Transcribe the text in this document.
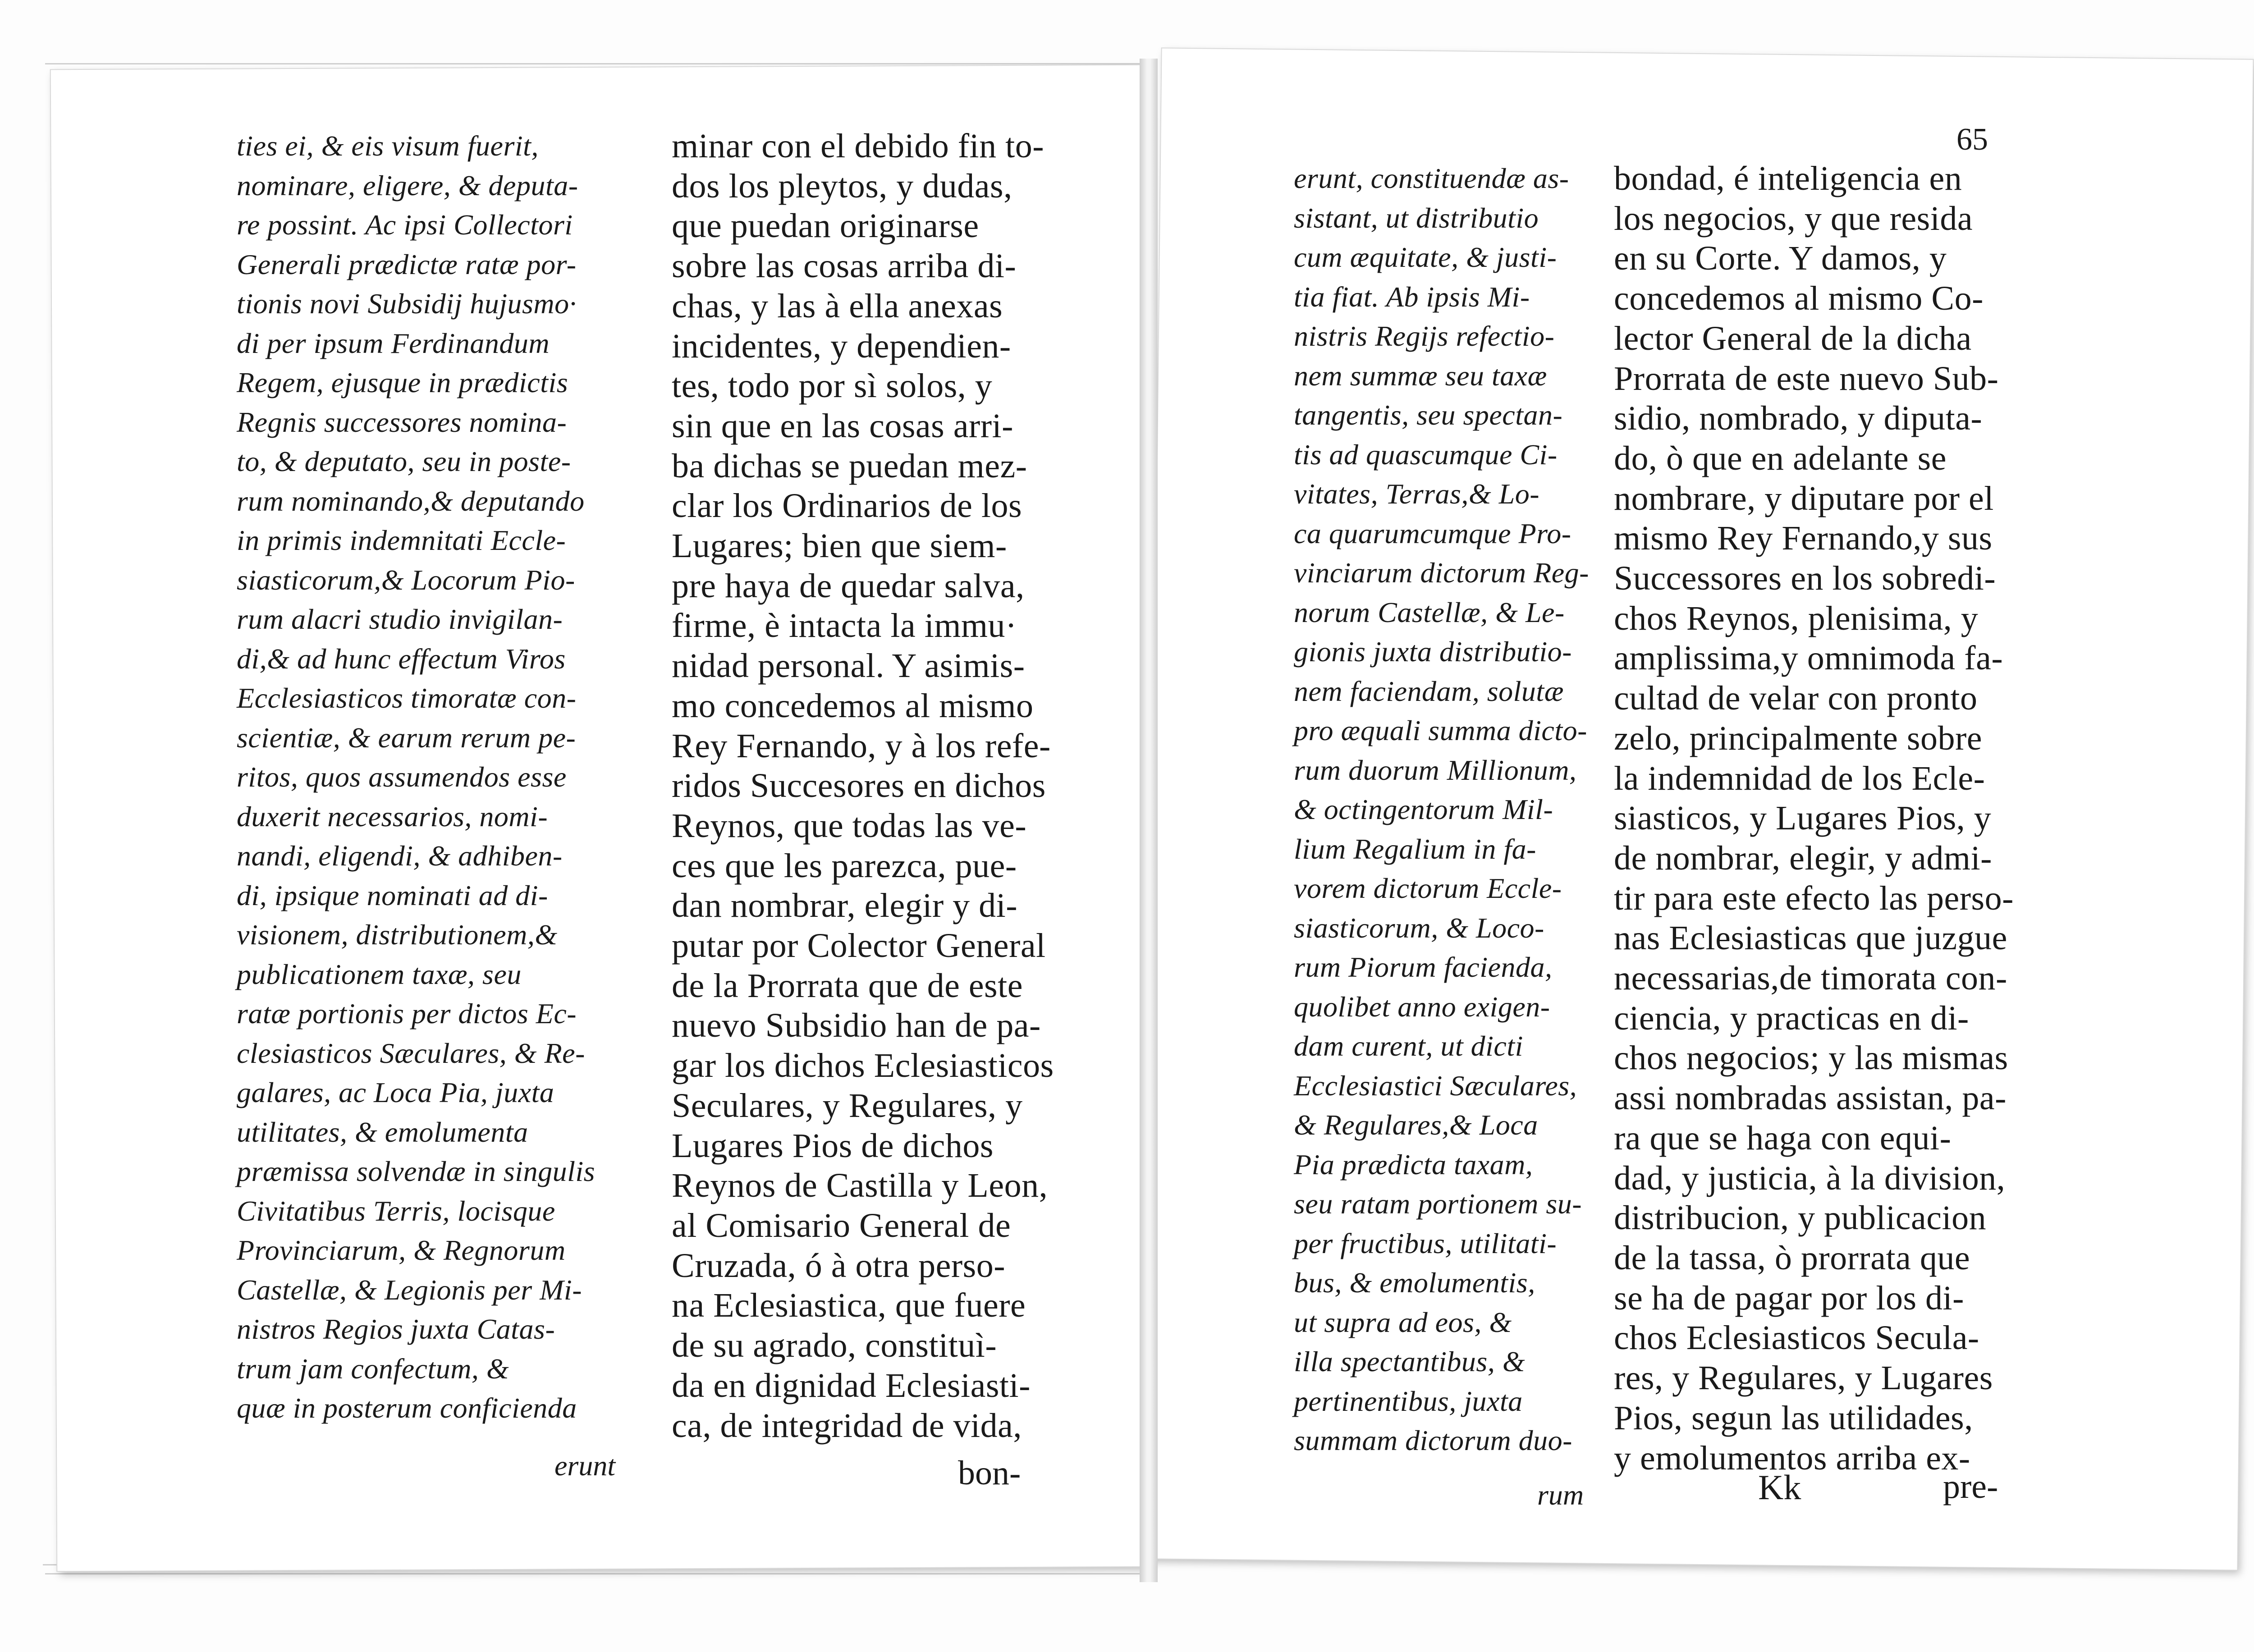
ties ei, & eis visum fuerit,
nominare, eligere, & deputa-
re possint. Ac ipsi Collectori
Generali prædictæ ratæ por-
tionis novi Subsidij hujusmo·
di per ipsum Ferdinandum
Regem, ejusque in prædictis
Regnis successores nomina-
to, & deputato, seu in poste-
rum nominando,& deputando
in primis indemnitati Eccle-
siasticorum,& Locorum Pio-
rum alacri studio invigilan-
di,& ad hunc effectum Viros
Ecclesiasticos timoratæ con-
scientiæ, & earum rerum pe-
ritos, quos assumendos esse
duxerit necessarios, nomi-
nandi, eligendi, & adhiben-
di, ipsique nominati ad di-
visionem, distributionem,&
publicationem taxæ, seu
ratæ portionis per dictos Ec-
clesiasticos Sæculares, & Re-
galares, ac Loca Pia, juxta
utilitates, & emolumenta
præmissa solvendæ in singulis
Civitatibus Terris, locisque
Provinciarum, & Regnorum
Castellæ, & Legionis per Mi-
nistros Regios juxta Catas-
trum jam confectum, &
quæ in posterum conficienda
erunt
minar con el debido fin to-
dos los pleytos, y dudas,
que puedan originarse
sobre las cosas arriba di-
chas, y las à ella anexas
incidentes, y dependien-
tes, todo por sì solos, y
sin que en las cosas arri-
ba dichas se puedan mez-
clar los Ordinarios de los
Lugares; bien que siem-
pre haya de quedar salva,
firme, è intacta la immu·
nidad personal. Y asimis-
mo concedemos al mismo
Rey Fernando, y à los refe-
ridos Succesores en dichos
Reynos, que todas las ve-
ces que les parezca, pue-
dan nombrar, elegir y di-
putar por Colector General
de la Prorrata que de este
nuevo Subsidio han de pa-
gar los dichos Eclesiasticos
Seculares, y Regulares, y
Lugares Pios de dichos
Reynos de Castilla y Leon,
al Comisario General de
Cruzada, ó à otra perso-
na Eclesiastica, que fuere
de su agrado, constituì-
da en dignidad Eclesiasti-
ca, de integridad de vida,
bon-
65
erunt, constituendæ as-
sistant, ut distributio
cum æquitate, & justi-
tia fiat. Ab ipsis Mi-
nistris Regijs refectio-
nem summæ seu taxæ
tangentis, seu spectan-
tis ad quascumque Ci-
vitates, Terras,& Lo-
ca quarumcumque Pro-
vinciarum dictorum Reg-
norum Castellæ, & Le-
gionis juxta distributio-
nem faciendam, solutæ
pro æquali summa dicto-
rum duorum Millionum,
& octingentorum Mil-
lium Regalium in fa-
vorem dictorum Eccle-
siasticorum, & Loco-
rum Piorum facienda,
quolibet anno exigen-
dam curent, ut dicti
Ecclesiastici Sæculares,
& Regulares,& Loca
Pia prædicta taxam,
seu ratam portionem su-
per fructibus, utilitati-
bus, & emolumentis,
ut supra ad eos, &
illa spectantibus, &
pertinentibus, juxta
summam dictorum duo-
rum
bondad, é inteligencia en
los negocios, y que resida
en su Corte. Y damos, y
concedemos al mismo Co-
lector General de la dicha
Prorrata de este nuevo Sub-
sidio, nombrado, y diputa-
do, ò que en adelante se
nombrare, y diputare por el
mismo Rey Fernando,y sus
Successores en los sobredi-
chos Reynos, plenisima, y
amplissima,y omnimoda fa-
cultad de velar con pronto
zelo, principalmente sobre
la indemnidad de los Ecle-
siasticos, y Lugares Pios, y
de nombrar, elegir, y admi-
tir para este efecto las perso-
nas Eclesiasticas que juzgue
necessarias,de timorata con-
ciencia, y practicas en di-
chos negocios; y las mismas
assi nombradas assistan, pa-
ra que se haga con equi-
dad, y justicia, à la division,
distribucion, y publicacion
de la tassa, ò prorrata que
se ha de pagar por los di-
chos Eclesiasticos Secula-
res, y Regulares, y Lugares
Pios, segun las utilidades,
y emolumentos arriba ex-
Kk	pre-
